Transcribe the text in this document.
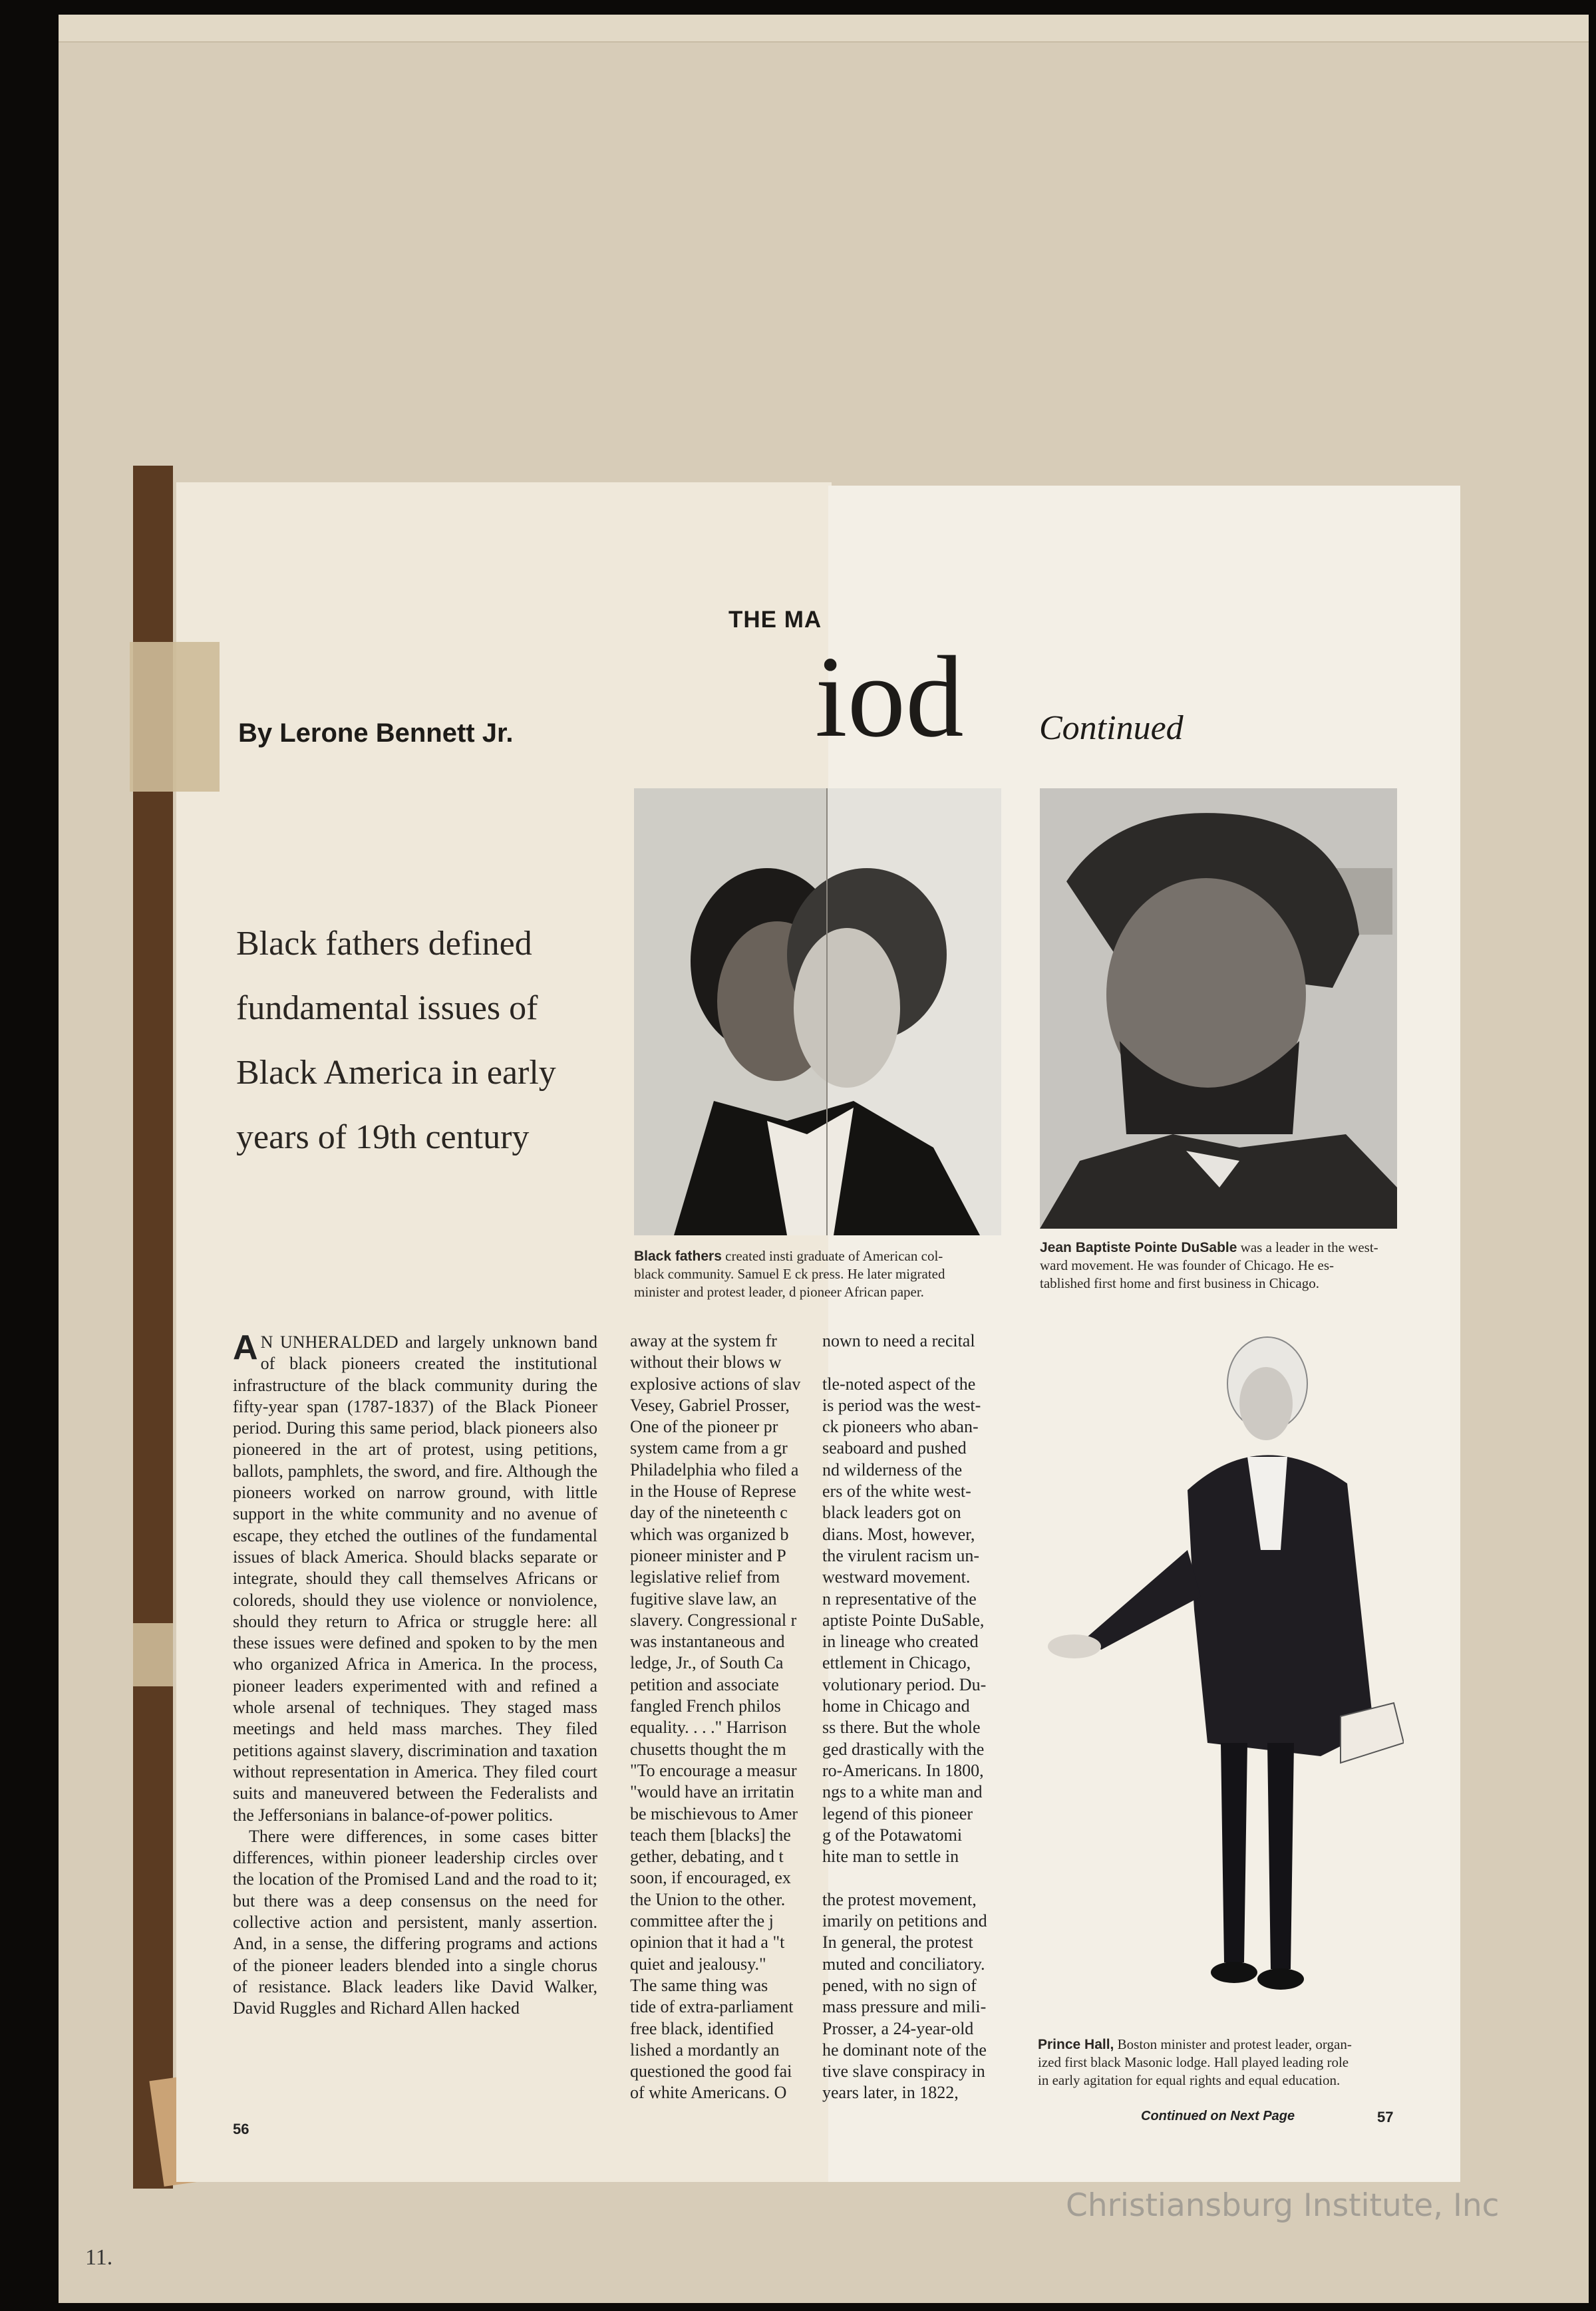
THE MA
By Lerone Bennett Jr.	iod Continued
Black fathers defined fundamental issues of Black America in early years of 19th century
Black fathers created insti graduate of American col-
black community. Samuel E ck press. He later migrated
minister and protest leader, d pioneer African paper.
Jean Baptiste Pointe DuSable was a leader in the west-
ward movement. He was founder of Chicago. He es-
tablished first home and first business in Chicago.
Prince Hall, Boston minister and protest leader, organ-
ized first black Masonic lodge. Hall played leading role
in early agitation for equal rights and equal education.

A N UNHERALDED and largely unknown band of black pioneers created the institutional infrastructure of the black community during the fifty-year span (1787-1837) of the Black Pioneer period. During this same period, black pioneers also pioneered in the art of protest, using petitions, ballots, pamphlets, the sword, and fire. Although the pioneers worked on narrow ground, with little support in the white community and no avenue of escape, they etched the outlines of the fundamental issues of black America. Should blacks separate or integrate, should they call themselves Africans or coloreds, should they use violence or nonviolence, should they return to Africa or struggle here: all these issues were defined and spoken to by the men who organized Africa in America. In the process, pioneer leaders experimented with and refined a whole arsenal of techniques. They staged mass meetings and held mass marches. They filed petitions against slavery, discrimination and taxation without representation in America. They filed court suits and maneuvered between the Federalists and the Jeffersonians in balance-of-power politics.

There were differences, in some cases bitter differences, within pioneer leadership circles over the location of the Promised Land and the road to it; but there was a deep consensus on the need for collective action and persistent, manly assertion. And, in a sense, the differing programs and actions of the pioneer leaders blended into a single chorus of resistance. Black leaders like David Walker, David Ruggles and Richard Allen hacked

away at the system fr
without their blows w
explosive actions of slav
Vesey, Gabriel Prosser,
One of the pioneer pr
system came from a gr
Philadelphia who filed a
in the House of Represe
day of the nineteenth c
which was organized b
pioneer minister and P
legislative relief from
fugitive slave law, an
slavery. Congressional r
was instantaneous and
ledge, Jr., of South Ca
petition and associate
fangled French philos
equality. . . ." Harrison
chusetts thought the m
"To encourage a measur
"would have an irritatin
be mischievous to Amer
teach them [blacks] the
gether, debating, and t
soon, if encouraged, ex
the Union to the other.
committee after the j
opinion that it had a "t
quiet and jealousy."
The same thing was
tide of extra-parliament
free black, identified
lished a mordantly an
questioned the good fai
of white Americans. O
nown to need a recital

tle-noted aspect of the
is period was the west-
ck pioneers who aban-
seaboard and pushed
nd wilderness of the
ers of the white west-
black leaders got on
dians. Most, however,
the virulent racism un-
westward movement.
n representative of the
aptiste Pointe DuSable,
in lineage who created
ettlement in Chicago,
volutionary period. Du-
home in Chicago and
ss there. But the whole
ged drastically with the
ro-Americans. In 1800,
ngs to a white man and
legend of this pioneer
g of the Potawatomi
hite man to settle in

the protest movement,
imarily on petitions and
In general, the protest
muted and conciliatory.
pened, with no sign of
mass pressure and mili-
Prosser, a 24-year-old
he dominant note of the
tive slave conspiracy in
years later, in 1822,
56
57
Continued on Next Page
Christiansburg Institute, Inc
11.
